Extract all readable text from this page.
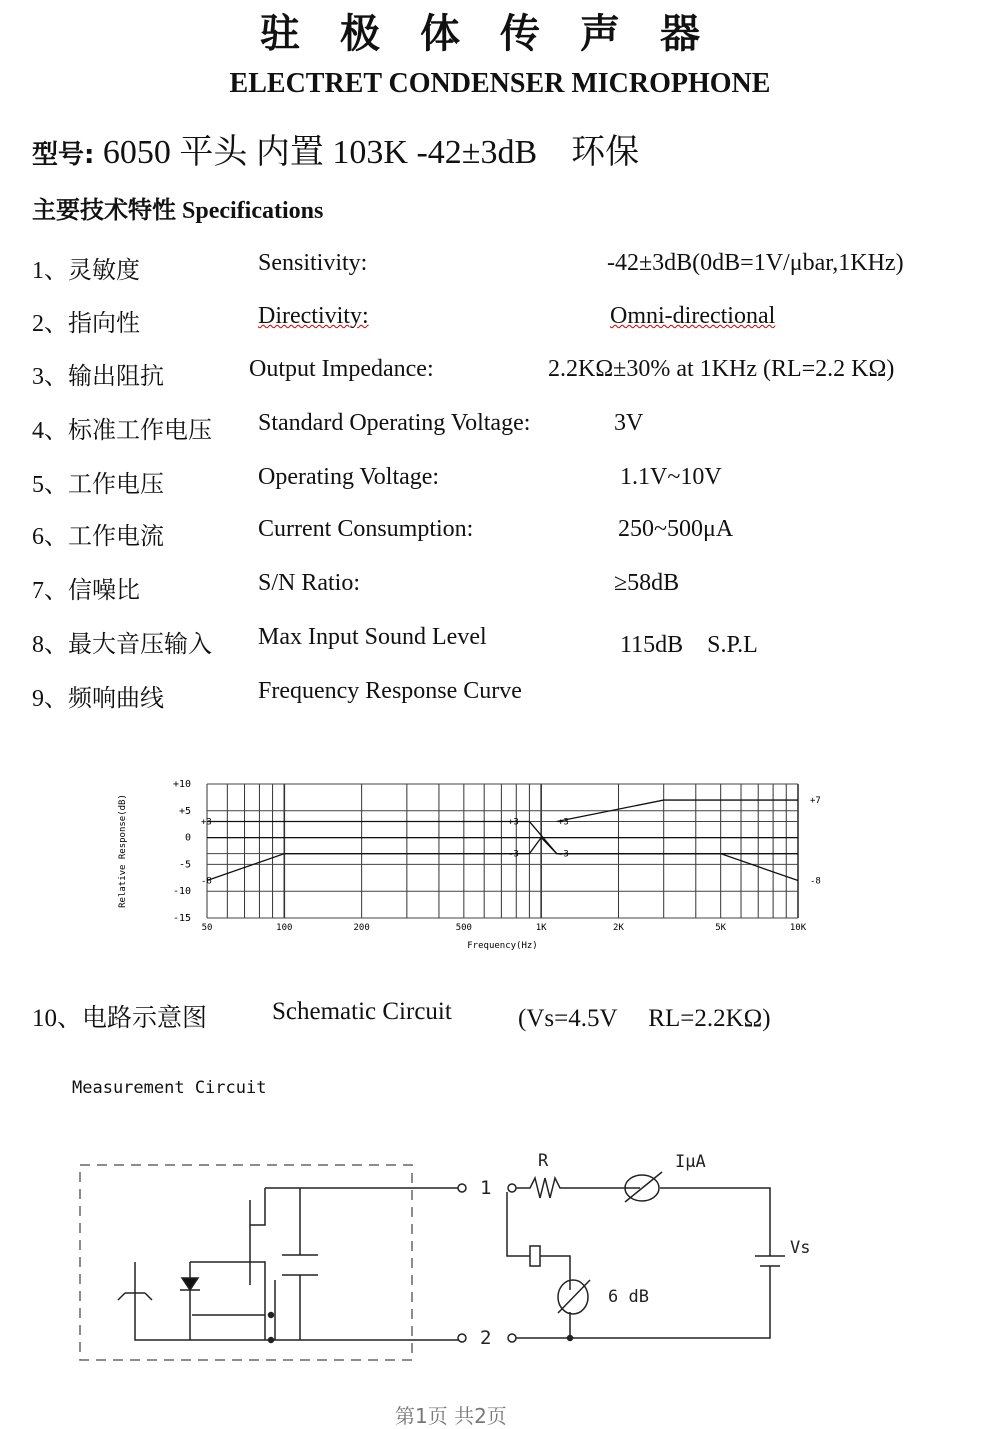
驻极体传声器
ELECTRET CONDENSER MICROPHONE
型号: 6050 平头 内置 103K -42±3dB　环保
主要技术特性 Specifications
1、灵敏度	Sensitivity:	-42±3dB(0dB=1V/μbar,1KHz)
2、指向性	Directivity:	Omni-directional
3、输出阻抗	Output Impedance:	2.2KΩ±30% at 1KHz (RL=2.2 KΩ)
4、标准工作电压 Standard Operating Voltage:	3V
5、工作电压	Operating Voltage:	1.1V~10V
6、工作电流	Current Consumption:	250~500μA
7、信噪比	S/N Ratio:	≥58dB
8、最大音压输入 Max Input Sound Level	115dB　S.P.L
9、频响曲线	Frequency Response Curve
50	100	200	500	1K	2K	5K	10K
+10
+5
0
-5
-10
-15
+3	+3
-3
+3
-3
+7
-8
-8
Frequency(Hz)
Relative Response(dB)
10、电路示意图	Schematic Circuit	(Vs=4.5V　 RL=2.2KΩ)
Measurement Circuit
R	IμA
Vs
6 dB
1
2
第1页 共2页
